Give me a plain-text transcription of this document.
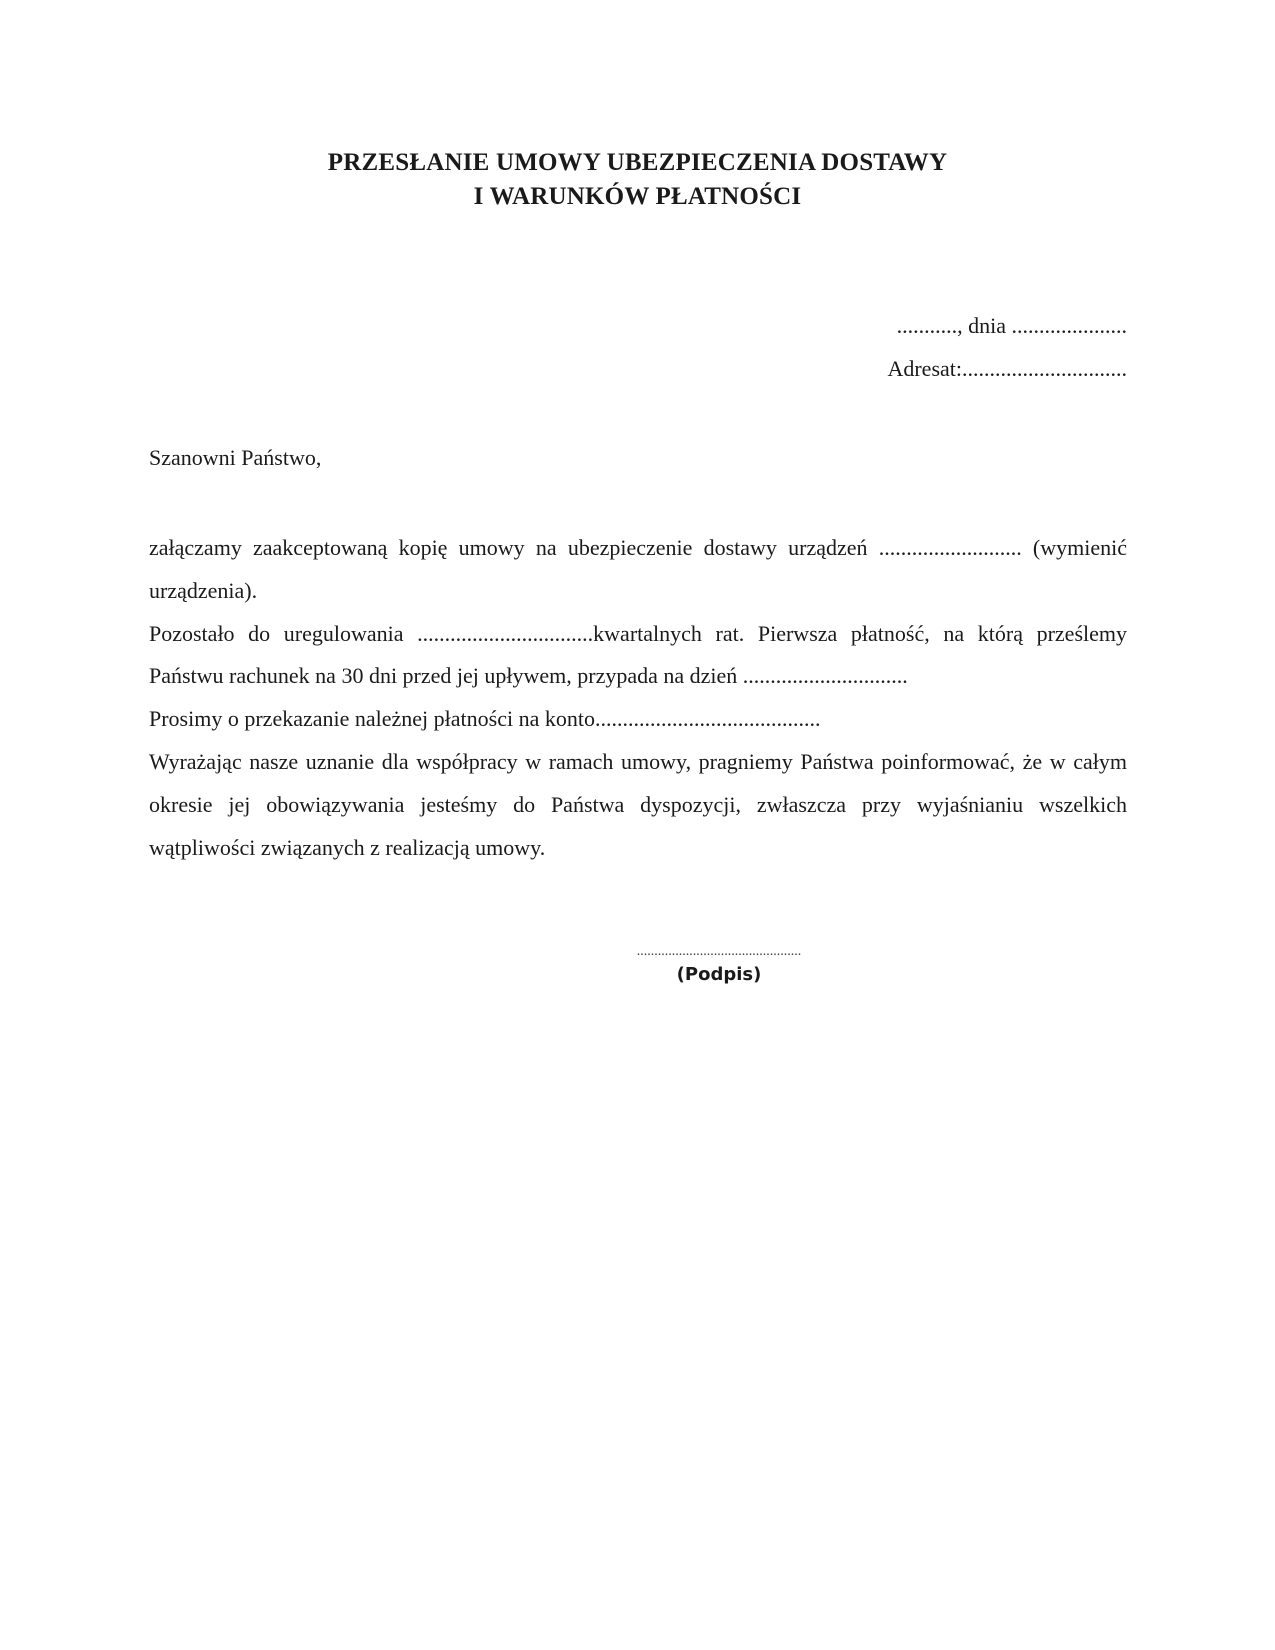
PRZESŁANIE UMOWY UBEZPIECZENIA DOSTAWY
I WARUNKÓW PŁATNOŚCI
..........., dnia .....................
Adresat:..............................
Szanowni Państwo,

załączamy zaakceptowaną kopię umowy na ubezpieczenie dostawy urządzeń .......................... (wymienić urządzenia).

Pozostało do uregulowania ................................kwartalnych rat. Pierwsza płatność, na którą prześlemy Państwu rachunek na 30 dni przed jej upływem, przypada na dzień ..............................

Prosimy o przekazanie należnej płatności na konto.........................................

Wyrażając nasze uznanie dla współpracy w ramach umowy, pragniemy Państwa poinformować, że w całym okresie jej obowiązywania jesteśmy do Państwa dyspozycji, zwłaszcza przy wyjaśnianiu wszelkich wątpliwości związanych z realizacją umowy.

...............................................
(Podpis)
